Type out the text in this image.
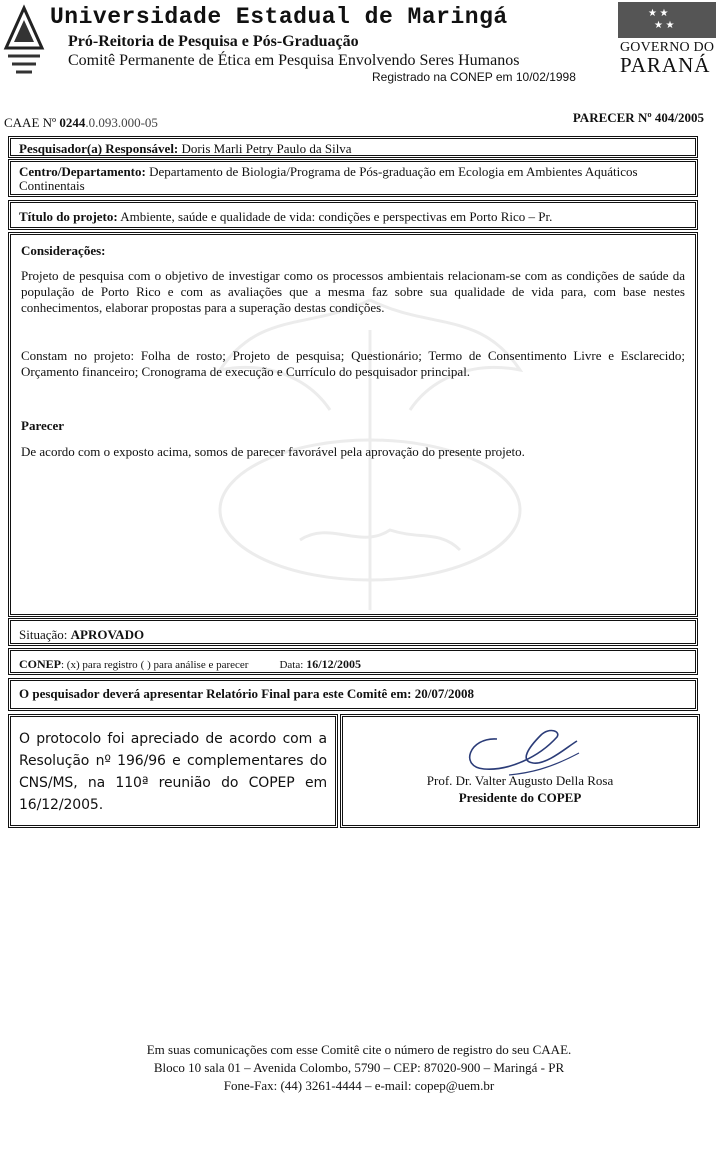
Universidade Estadual de Maringá
Pró-Reitoria de Pesquisa e Pós-Graduação
Comitê Permanente de Ética em Pesquisa Envolvendo Seres Humanos
Registrado na CONEP em 10/02/1998
★ ★
★ ★
GOVERNO DO
PARANÁ
CAAE Nº 0244.0.093.000-05	PARECER Nº 404/2005
Pesquisador(a) Responsável: Doris Marli Petry Paulo da Silva
Centro/Departamento: Departamento de Biologia/Programa de Pós-graduação em Ecologia em Ambientes Aquáticos Continentais
Título do projeto: Ambiente, saúde e qualidade de vida: condições e perspectivas em Porto Rico – Pr.
Considerações:
Projeto de pesquisa com o objetivo de investigar como os processos ambientais relacionam-se com as condições de saúde da população de Porto Rico e com as avaliações que a mesma faz sobre sua qualidade de vida para, com base nestes conhecimentos, elaborar propostas para a superação destas condições.
Constam no projeto: Folha de rosto; Projeto de pesquisa; Questionário; Termo de Consentimento Livre e Esclarecido; Orçamento financeiro; Cronograma de execução e Currículo do pesquisador principal.
Parecer
De acordo com o exposto acima, somos de parecer favorável pela aprovação do presente projeto.
Situação: APROVADO
CONEP: (x) para registro ( ) para análise e parecer	Data: 16/12/2005
O pesquisador deverá apresentar Relatório Final para este Comitê em: 20/07/2008
O protocolo foi apreciado de acordo com a Resolução nº 196/96 e complementares do CNS/MS, na 110ª reunião do COPEP em 16/12/2005.
Prof. Dr. Valter Augusto Della Rosa
Presidente do COPEP
Em suas comunicações com esse Comitê cite o número de registro do seu CAAE.
Bloco 10 sala 01 – Avenida Colombo, 5790 – CEP: 87020-900 – Maringá - PR
Fone-Fax: (44) 3261-4444 – e-mail: copep@uem.br
